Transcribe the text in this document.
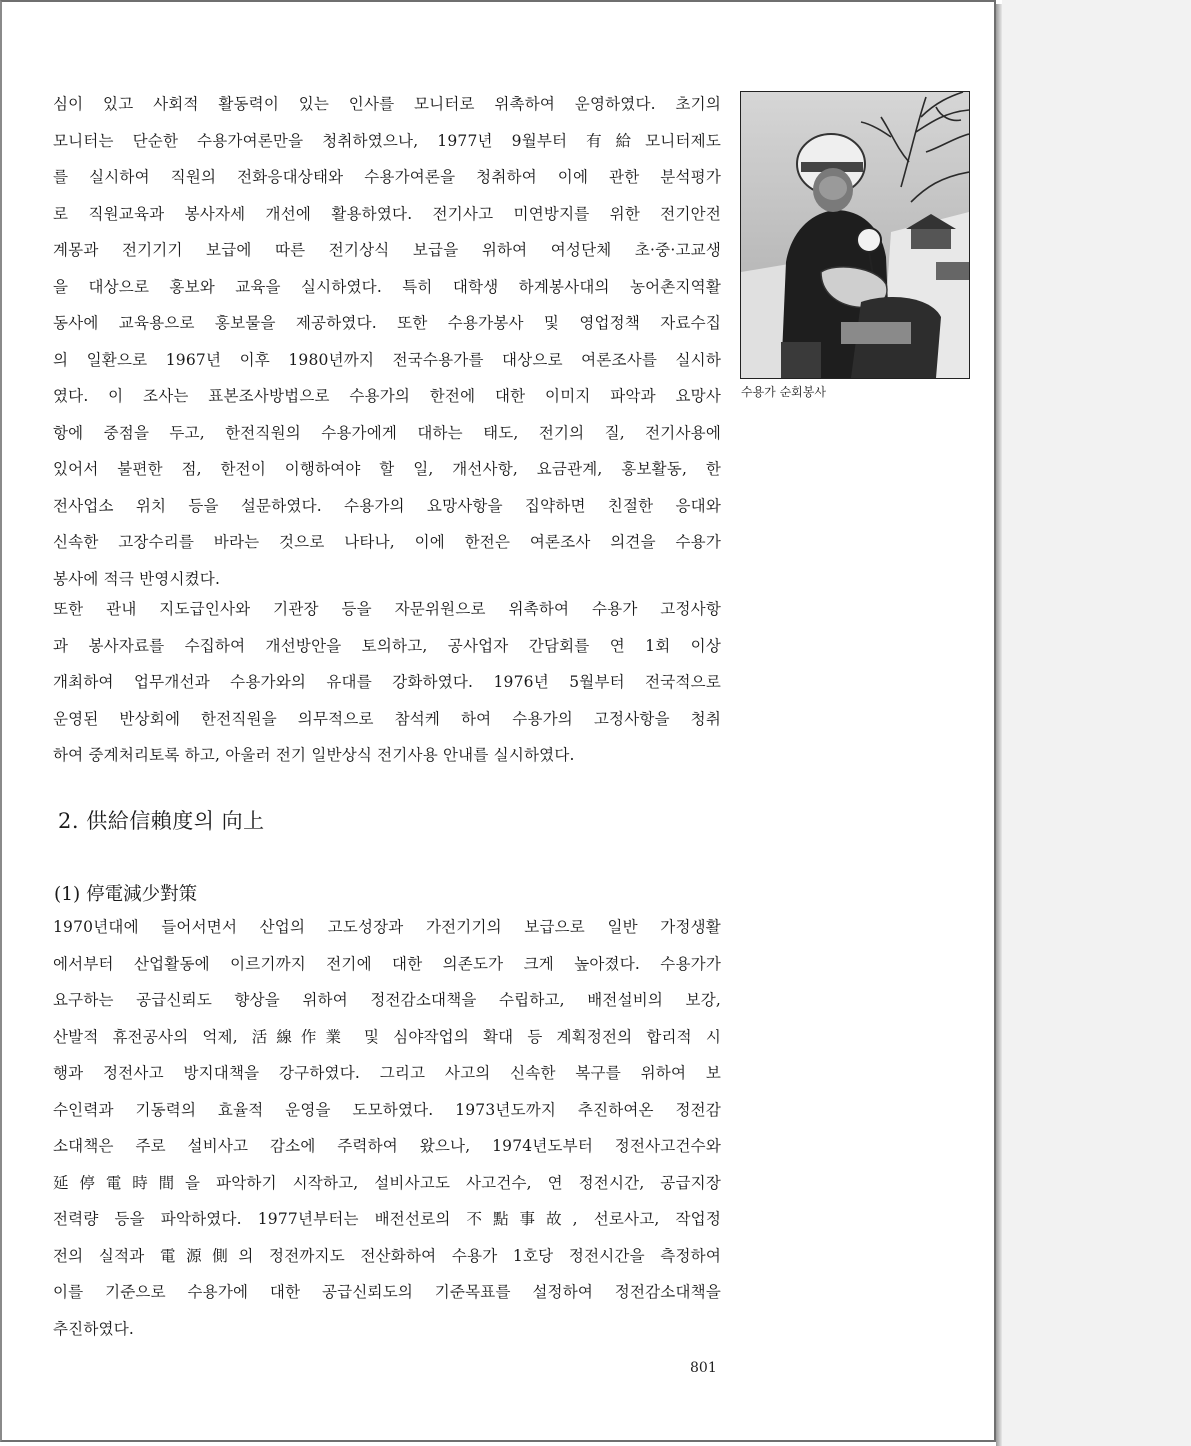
심이 있고 사회적 활동력이 있는 인사를 모니터로 위촉하여 운영하였다. 초기의
모니터는 단순한 수용가여론만을 청취하였으나, 1977년 9월부터 有給모니터제도
를 실시하여 직원의 전화응대상태와 수용가여론을 청취하여 이에 관한 분석평가
로 직원교육과 봉사자세 개선에 활용하였다. 전기사고 미연방지를 위한 전기안전
계몽과 전기기기 보급에 따른 전기상식 보급을 위하여 여성단체 초·중·고교생
을 대상으로 홍보와 교육을 실시하였다. 특히 대학생 하계봉사대의 농어촌지역활
동사에 교육용으로 홍보물을 제공하였다. 또한 수용가봉사 및 영업정책 자료수집
의 일환으로 1967년 이후 1980년까지 전국수용가를 대상으로 여론조사를 실시하
였다. 이 조사는 표본조사방법으로 수용가의 한전에 대한 이미지 파악과 요망사
항에 중점을 두고, 한전직원의 수용가에게 대하는 태도, 전기의 질, 전기사용에
있어서 불편한 점, 한전이 이행하여야 할 일, 개선사항, 요금관계, 홍보활동, 한
전사업소 위치 등을 설문하였다. 수용가의 요망사항을 집약하면 친절한 응대와
신속한 고장수리를 바라는 것으로 나타나, 이에 한전은 여론조사 의견을 수용가
봉사에 적극 반영시켰다.
또한 관내 지도급인사와 기관장 등을 자문위원으로 위촉하여 수용가 고정사항
과 봉사자료를 수집하여 개선방안을 토의하고, 공사업자 간담회를 연 1회 이상
개최하여 업무개선과 수용가와의 유대를 강화하였다. 1976년 5월부터 전국적으로
운영된 반상회에 한전직원을 의무적으로 참석케 하여 수용가의 고정사항을 청취
하여 중계처리토록 하고, 아울러 전기 일반상식 전기사용 안내를 실시하였다.
2. 供給信賴度의 向上
(1) 停電減少對策
1970년대에 들어서면서 산업의 고도성장과 가전기기의 보급으로 일반 가정생활
에서부터 산업활동에 이르기까지 전기에 대한 의존도가 크게 높아졌다. 수용가가
요구하는 공급신뢰도 향상을 위하여 정전감소대책을 수립하고, 배전설비의 보강,
산발적 휴전공사의 억제, 活線作業 및 심야작업의 확대 등 계획정전의 합리적 시
행과 정전사고 방지대책을 강구하였다. 그리고 사고의 신속한 복구를 위하여 보
수인력과 기동력의 효율적 운영을 도모하였다. 1973년도까지 추진하여온 정전감
소대책은 주로 설비사고 감소에 주력하여 왔으나, 1974년도부터 정전사고건수와
延停電時間을 파악하기 시작하고, 설비사고도 사고건수, 연 정전시간, 공급지장
전력량 등을 파악하였다. 1977년부터는 배전선로의 不點事故, 선로사고, 작업정
전의 실적과 電源側의 정전까지도 전산화하여 수용가 1호당 정전시간을 측정하여
이를 기준으로 수용가에 대한 공급신뢰도의 기준목표를 설정하여 정전감소대책을
추진하였다.
수용가 순회봉사
801
